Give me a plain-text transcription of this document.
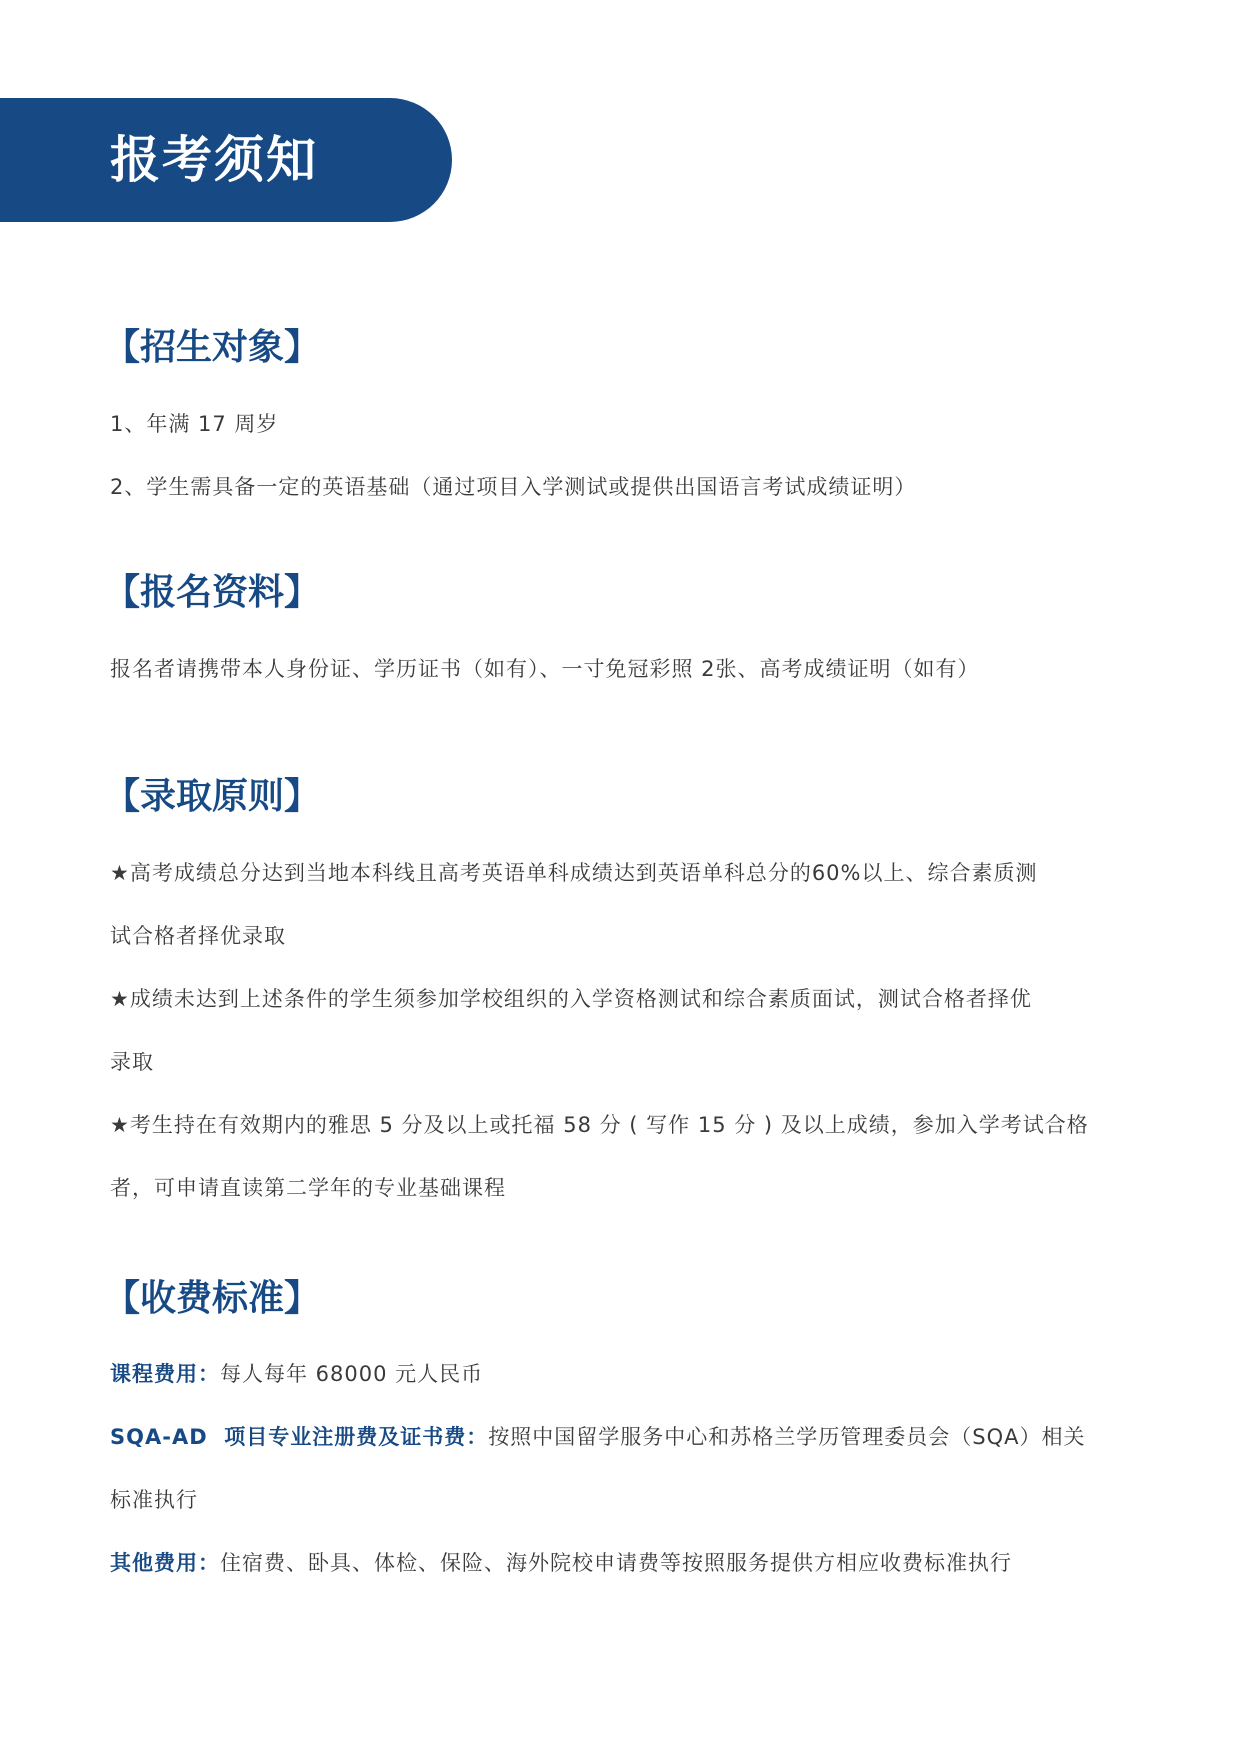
报考须知
【招生对象】

1、年满 17 周岁

2、学生需具备一定的英语基础（通过项目入学测试或提供出国语言考试成绩证明）

【报名资料】

报名者请携带本人身份证、学历证书（如有）、一寸免冠彩照 2张、高考成绩证明（如有）

【录取原则】

★高考成绩总分达到当地本科线且高考英语单科成绩达到英语单科总分的60%以上、综合素质测

试合格者择优录取

★成绩未达到上述条件的学生须参加学校组织的入学资格测试和综合素质面试，测试合格者择优

录取

★考生持在有效期内的雅思 5 分及以上或托福 58 分 ( 写作 15 分 ) 及以上成绩，参加入学考试合格

者，可申请直读第二学年的专业基础课程

【收费标准】

课程费用：每人每年 68000 元人民币

SQA-AD  项目专业注册费及证书费：按照中国留学服务中心和苏格兰学历管理委员会（SQA）相关

标准执行

其他费用：住宿费、卧具、体检、保险、海外院校申请费等按照服务提供方相应收费标准执行
